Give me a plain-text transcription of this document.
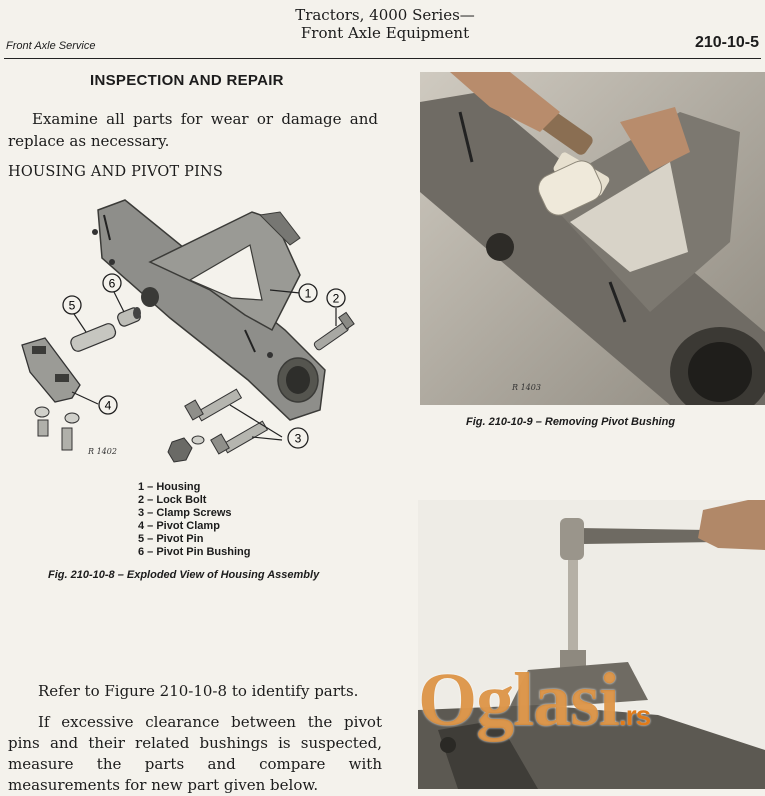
Front Axle Service
Tractors, 4000 Series—
Front Axle Equipment
210-10-5
INSPECTION AND REPAIR
Examine all parts for wear or damage and replace as necessary.
HOUSING AND PIVOT PINS
1 2
3
4
5
6
R 1402
1 – Housing
2 – Lock Bolt
3 – Clamp Screws
4 – Pivot Clamp
5 – Pivot Pin
6 – Pivot Pin Bushing
Fig. 210-10-8 – Exploded View of Housing Assembly
R 1403
Fig. 210-10-9 – Removing Pivot Bushing
Oglasi.rs
Refer to Figure 210-10-8 to identify parts.
If excessive clearance between the pivot pins and their related bushings is suspected, measure the parts and compare with measurements for new part given below.
